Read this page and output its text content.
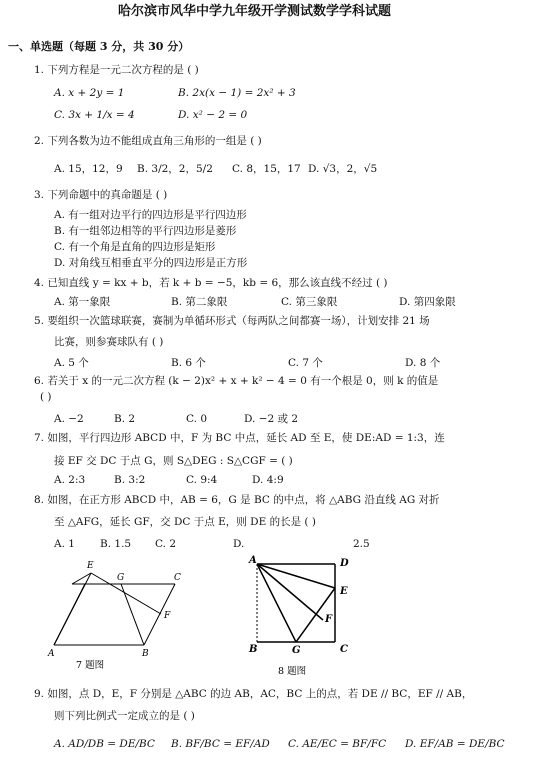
哈尔滨市风华中学九年级开学测试数学学科试题
一、单选题（每题 3 分，共 30 分）
1. 下列方程是一元二次方程的是 ( )
A. x + 2y = 1	B. 2x(x − 1) = 2x² + 3
C. 3x + 1/x = 4	D. x² − 2 = 0
2. 下列各数为边不能组成直角三角形的一组是 ( )
A. 15，12，9 B. 3/2，2，5/2 C. 8，15，17 D. √3，2，√5
3. 下列命题中的真命题是 ( )
A. 有一组对边平行的四边形是平行四边形
B. 有一组邻边相等的平行四边形是菱形
C. 有一个角是直角的四边形是矩形
D. 对角线互相垂直平分的四边形是正方形
4. 已知直线 y = kx + b，若 k + b = −5，kb = 6，那么该直线不经过 ( )
A. 第一象限	B. 第二象限	C. 第三象限	D. 第四象限
5. 要组织一次篮球联赛，赛制为单循环形式（每两队之间都赛一场），计划安排 21 场
比赛，则参赛球队有 ( )
A. 5 个	B. 6 个	C. 7 个	D. 8 个
6. 若关于 x 的一元二次方程 (k − 2)x² + x + k² − 4 = 0 有一个根是 0，则 k 的值是
( )
A. −2	B. 2	C. 0	D. −2 或 2
7. 如图，平行四边形 ABCD 中，F 为 BC 中点，延长 AD 至 E，使 DE:AD = 1:3，连
接 EF 交 DC 于点 G，则 S△DEG : S△CGF = ( )
A. 2:3	B. 3:2	C. 9:4	D. 4:9
8. 如图，在正方形 ABCD 中，AB = 6，G 是 BC 的中点，将 △ABG 沿直线 AG 对折
至 △AFG，延长 GF，交 DC 于点 E，则 DE 的长是 ( )
A. 1 B. 1.5 C. 2	D.	2.5
E
G	C
F
A	B
7 题图
A	D
E
F
B	G	C
8 题图
9. 如图，点 D，E，F 分别是 △ABC 的边 AB，AC，BC 上的点，若 DE // BC，EF // AB，
则下列比例式一定成立的是 ( )
A. AD/DB = DE/BC B. BF/BC = EF/AD C. AE/EC = BF/FC D. EF/AB = DE/BC
